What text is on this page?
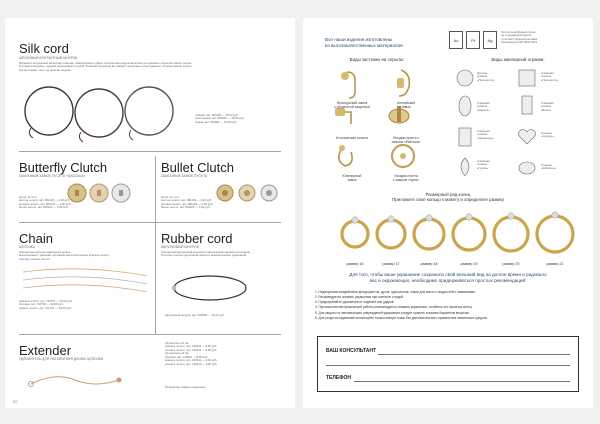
Silk cord
ШЁЛКОВЫЙ КОНТАКТНЫЙ ШНУРОК
Модный и актуальный аксессуар помогает разнообразить образ. Контактный шнурок выполнен из красивого переплетённого шёлка.
Три цвета на выбор: черный, коричневый и серый. В нашей коллекции вы найдёте несколько длин подвесок, которые можно носить
как на шнурке, так и на цепочке шнурка.
черный, арт. 900159 — 15,00 руб.
коричневый, арт. 800001 — 15,00 руб.
серый, арт. 900001 — 15,00 руб.
Butterfly Clutch
ЗАМОЧНЫЙ ЗАМОК ПУСЕТА «БАБОЧКА»
артик. ак 1 шт
желтое золото, арт. 801100 — 2,00 руб.
розовое золото, арт. 801101 — 2,00 руб.
белое золото, арт. 801102 — 2,00 руб.
Bullet Clutch
ЗАМОЧНЫЙ ЗАМОК ПУСЕТА
артик. ак 1 шт
желтое золото, арт. 801103 — 2,00 руб.
розовое золото, арт. 801104 — 2,00 руб.
белое золото, арт. 801105 — 2,00 руб.
Chain
ЦЕПОЧКА
Элегантные цепочки ювелирной длины,
выполненные с разными плотными металлическими: красное золото,
платину, черное золото.
красное золото, арт. 730701 — 30,00 руб.
платина, арт. 730702 — 30,00 руб.
черное золото, арт. 741720 — 30,00 руб.
Rubber cord
КАУЧУКОВЫЙ ШНУРОК
Элегантный каучуковый шнурок в классическом черном исполнении.
Отлично отлично дополнена лёгкость выразительных украшений.
Каучуковый шнурок, арт. 900902 — 15,00 руб.
Extender
УДЛИНИТЕЛЬ ДЛЯ УВЕЛИЧЕНИЯ ДЛИНЫ ЦЕПОЧКИ
Удлинитель 10 см:
красное золото, арт. 120211 — 8,00 руб.
розовое золото, арт. 120211 — 8,00 руб.
Удлинитель 12 см:
платина, арт. 120210 — 8,00 руб.
красное золото, арт. 120212 — 9,00 руб.
розовое золото, арт. 120213 — 9,00 руб.
Количество товара ограничено.
62
Все наши изделия изготовлены
из высококачественных материалов
Au	Pt	Ag
Золото/серебряный сплав,
не содержащий никеля
и соответствующий нормам
безопасности EN 1811-2011
Виды застежек на серьгах:
Французский замок
с пружинной защелкой
Английский
замок
Итальянская штанга	Гвоздик-пусета с
замком «бабочка»
Ювелирный
замок
Гвоздик-пусета
с замком «пуля»
Виды ювелирной огранки:
Круглая
огранка
«Принцесса»
Алмазная
огранка
«Принцесса»
Алмазная
огранка
«Маркиз»
Алмазная
огранка
«Багет»
Алмазная
огранка
«Эмеральд»
Огранка
«Сердце»
Алмазная
огранка
«Груша»
Огранка
«Кабошон»
Размерный ряд колец
Приложите свое кольцо к макету и определите размер
размер 16	размер 17	размер 18	размер 19	размер 20	размер 21
Для того, чтобы ваше украшение сохранило свой внешний вид на долгое время и радовало
вас и окружающих, необходимо придерживаться простых рекомендаций:
1. Недопустимо воздействие дезодорантов, духов, одеколонов, лаков для волос и жидкостей с химикатами.
2. Рекомендуется снимать украшения при контакте с водой.
3. Предохраняйте украшения от падений или ударов.
4. При выполнении физической работы рекомендуется снимать украшения, особенно это касается колец.
5. Для защиты от механических повреждений украшения следует хранить в вашем бархатном мешочке.
6. Для ухода за изделиями используйте только мягкую ткань без дополнительного применения химических средств.
ВАШ КОНСУЛЬТАНТ
ТЕЛЕФОН
